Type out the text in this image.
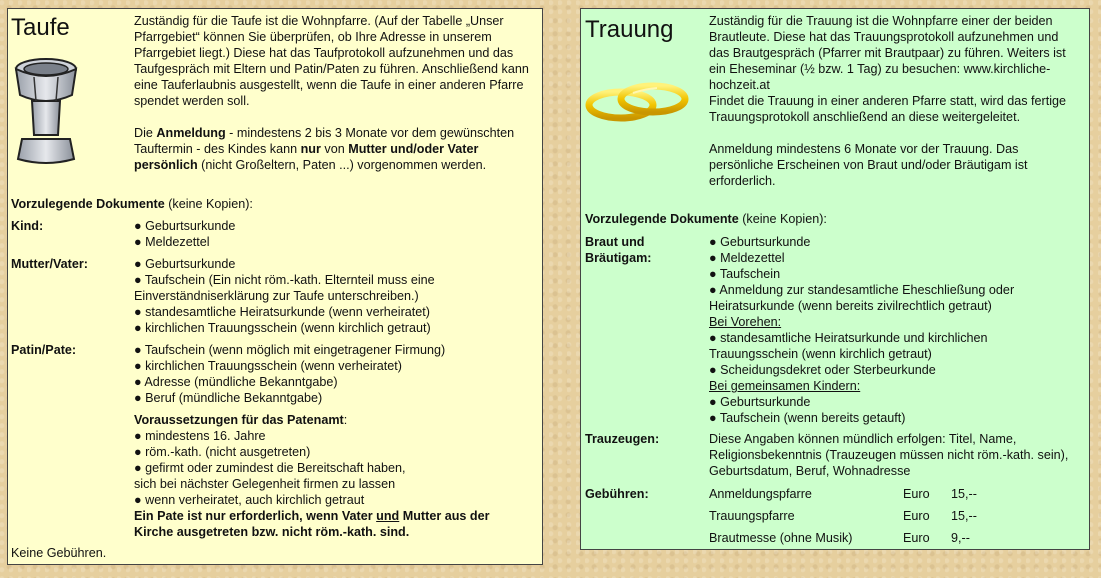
Taufe	Zuständig für die Taufe ist die Wohnpfarre. (Auf der Tabelle „Unser Pfarrgebiet“ können Sie überprüfen, ob Ihre Adresse in unserem Pfarrgebiet liegt.) Diese hat das Taufprotokoll aufzunehmen und das Taufgespräch mit Eltern und Patin/Paten zu führen. Anschließend kann eine Tauferlaubnis ausgestellt, wenn die Taufe in einer anderen Pfarre spendet werden soll.
Die Anmeldung - mindestens 2 bis 3 Monate vor dem gewünschten Tauftermin - des Kindes kann nur von Mutter und/oder Vater persönlich (nicht Großeltern, Paten ...) vorgenommen werden.
Vorzulegende Dokumente (keine Kopien):
Kind:	● Geburtsurkunde
● Meldezettel
Mutter/Vater:	● Geburtsurkunde
● Taufschein (Ein nicht röm.-kath. Elternteil muss eine
Einverständniserklärung zur Taufe unterschreiben.)
● standesamtliche Heiratsurkunde (wenn verheiratet)
● kirchlichen Trauungsschein (wenn kirchlich getraut)
Patin/Pate:	● Taufschein (wenn möglich mit eingetragener Firmung)
● kirchlichen Trauungsschein (wenn verheiratet)
● Adresse (mündliche Bekanntgabe)
● Beruf (mündliche Bekanntgabe)
Voraussetzungen für das Patenamt:
● mindestens 16. Jahre
● röm.-kath. (nicht ausgetreten)
● gefirmt oder zumindest die Bereitschaft haben,
sich bei nächster Gelegenheit firmen zu lassen
● wenn verheiratet, auch kirchlich getraut
Ein Pate ist nur erforderlich, wenn Vater und Mutter aus der Kirche ausgetreten bzw. nicht röm.-kath. sind.
Keine Gebühren.
Trauung	Zuständig für die Trauung ist die Wohnpfarre einer der beiden Brautleute. Diese hat das Trauungsprotokoll aufzunehmen und das Brautgespräch (Pfarrer mit Brautpaar) zu führen. Weiters ist ein Eheseminar (½ bzw. 1 Tag) zu besuchen: www.kirchliche-hochzeit.at
Findet die Trauung in einer anderen Pfarre statt, wird das fertige Trauungsprotokoll anschließend an diese weitergeleitet.
Anmeldung mindestens 6 Monate vor der Trauung. Das persönliche Erscheinen von Braut und/oder Bräutigam ist erforderlich.
Vorzulegende Dokumente (keine Kopien):
Braut und Bräutigam:
● Geburtsurkunde
● Meldezettel
● Taufschein
● Anmeldung zur standesamtliche Eheschließung oder
Heiratsurkunde (wenn bereits zivilrechtlich getraut)
Bei Vorehen:
● standesamtliche Heiratsurkunde und kirchlichen
Trauungsschein (wenn kirchlich getraut)
● Scheidungsdekret oder Sterbeurkunde
Bei gemeinsamen Kindern:
● Geburtsurkunde
● Taufschein (wenn bereits getauft)
Trauzeugen:	Diese Angaben können mündlich erfolgen: Titel, Name, Religionsbekenntnis (Trauzeugen müssen nicht röm.-kath. sein), Geburtsdatum, Beruf, Wohnadresse
Gebühren:	Anmeldungspfarre	Euro 15,--
Trauungspfarre	Euro 15,--
Brautmesse (ohne Musik)	Euro 9,--
